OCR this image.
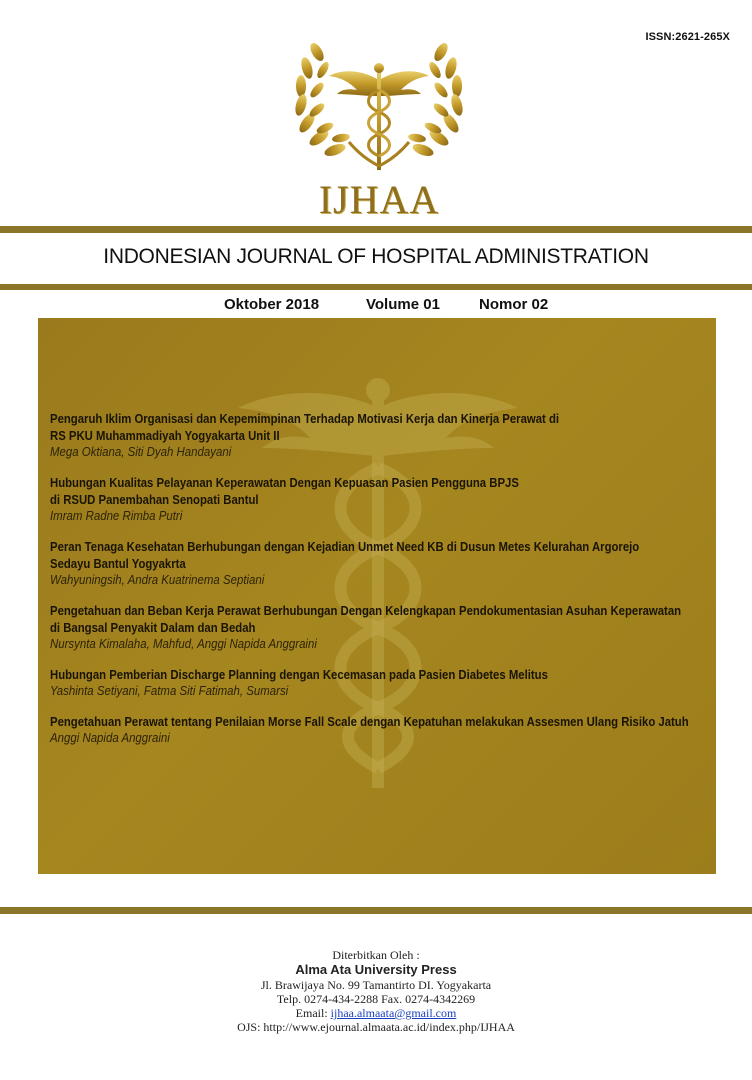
ISSN:2621-265X
IJHAA
INDONESIAN JOURNAL OF HOSPITAL ADMINISTRATION
Oktober 2018	Volume 01	Nomor 02
Pengaruh Iklim Organisasi dan Kepemimpinan Terhadap Motivasi Kerja dan Kinerja Perawat di
RS PKU Muhammadiyah Yogyakarta Unit II
Mega Oktiana, Siti Dyah Handayani
Hubungan Kualitas Pelayanan Keperawatan Dengan Kepuasan Pasien Pengguna BPJS
di RSUD Panembahan Senopati Bantul
Imram Radne Rimba Putri
Peran Tenaga Kesehatan Berhubungan dengan Kejadian Unmet Need KB di Dusun Metes Kelurahan Argorejo
Sedayu Bantul Yogyakrta
Wahyuningsih, Andra Kuatrinema Septiani
Pengetahuan dan Beban Kerja Perawat Berhubungan Dengan Kelengkapan Pendokumentasian Asuhan Keperawatan
di Bangsal Penyakit Dalam dan Bedah
Nursynta Kimalaha, Mahfud, Anggi Napida Anggraini
Hubungan Pemberian Discharge Planning dengan Kecemasan pada Pasien Diabetes Melitus
Yashinta Setiyani, Fatma Siti Fatimah, Sumarsi
Pengetahuan Perawat tentang Penilaian Morse Fall Scale dengan Kepatuhan melakukan Assesmen Ulang Risiko Jatuh
Anggi Napida Anggraini
Diterbitkan Oleh :
Alma Ata University Press
Jl. Brawijaya No. 99 Tamantirto DI. Yogyakarta
Telp. 0274-434-2288 Fax. 0274-4342269
Email: ijhaa.almaata@gmail.com
OJS: http://www.ejournal.almaata.ac.id/index.php/IJHAA
